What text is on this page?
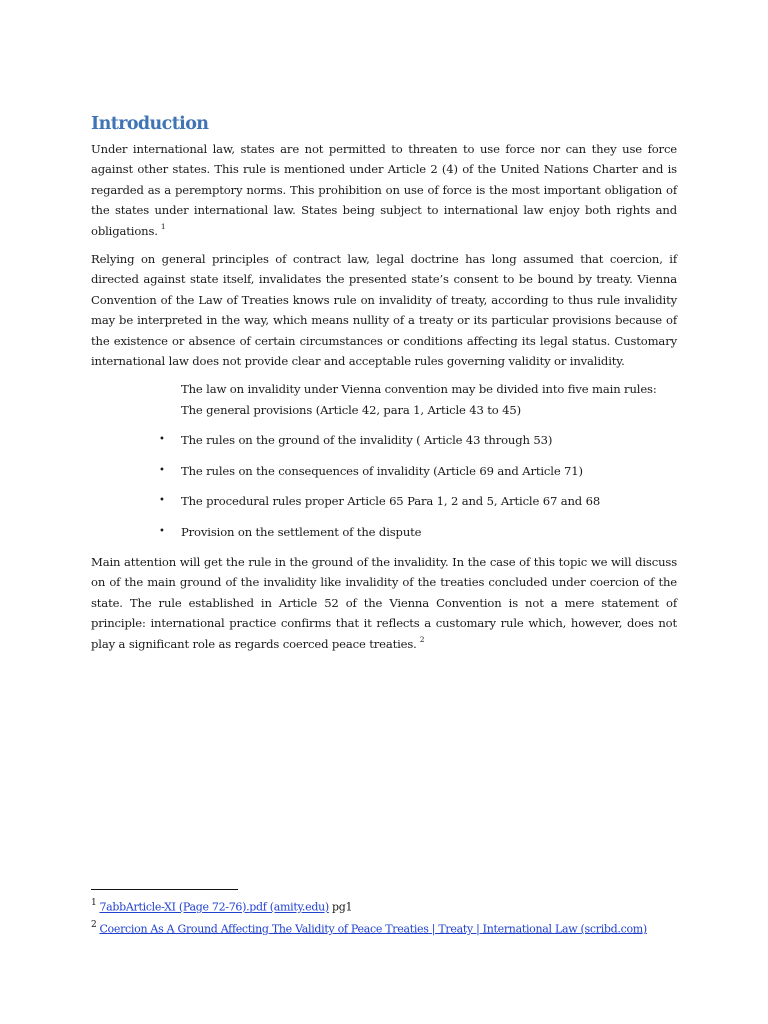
Introduction

Under international law, states are not permitted to threaten to use force nor can they use force against other states. This rule is mentioned under Article 2 (4) of the United Nations Charter and is regarded as a peremptory norms. This prohibition on use of force is the most important obligation of the states under international law. States being subject to international law enjoy both rights and obligations. $^1$

Relying on general principles of contract law, legal doctrine has long assumed that coercion, if directed against state itself, invalidates the presented state’s consent to be bound by treaty. Vienna Convention of the Law of Treaties knows rule on invalidity of treaty, according to thus rule invalidity may be interpreted in the way, which means nullity of a treaty or its particular provisions because of the existence or absence of certain circumstances or conditions affecting its legal status. Customary international law does not provide clear and acceptable rules governing validity or invalidity.

The law on invalidity under Vienna convention may be divided into five main rules:
The general provisions (Article 42, para 1, Article 43 to 45)
• The rules on the ground of the invalidity ( Article 43 through 53)
• The rules on the consequences of invalidity (Article 69 and Article 71)
• The procedural rules proper Article 65 Para 1, 2 and 5, Article 67 and 68
• Provision on the settlement of the dispute

Main attention will get the rule in the ground of the invalidity. In the case of this topic we will discuss on of the main ground of the invalidity like invalidity of the treaties concluded under coercion of the state. The rule established in Article 52 of the Vienna Convention is not a mere statement of principle: international practice confirms that it reflects a customary rule which, however, does not play a significant role as regards coerced peace treaties. $^2$

$^1$ 7abbArticle-XI (Page 72-76).pdf (amity.edu) pg1
$^2$ Coercion As A Ground Affecting The Validity of Peace Treaties | Treaty | International Law (scribd.com)
